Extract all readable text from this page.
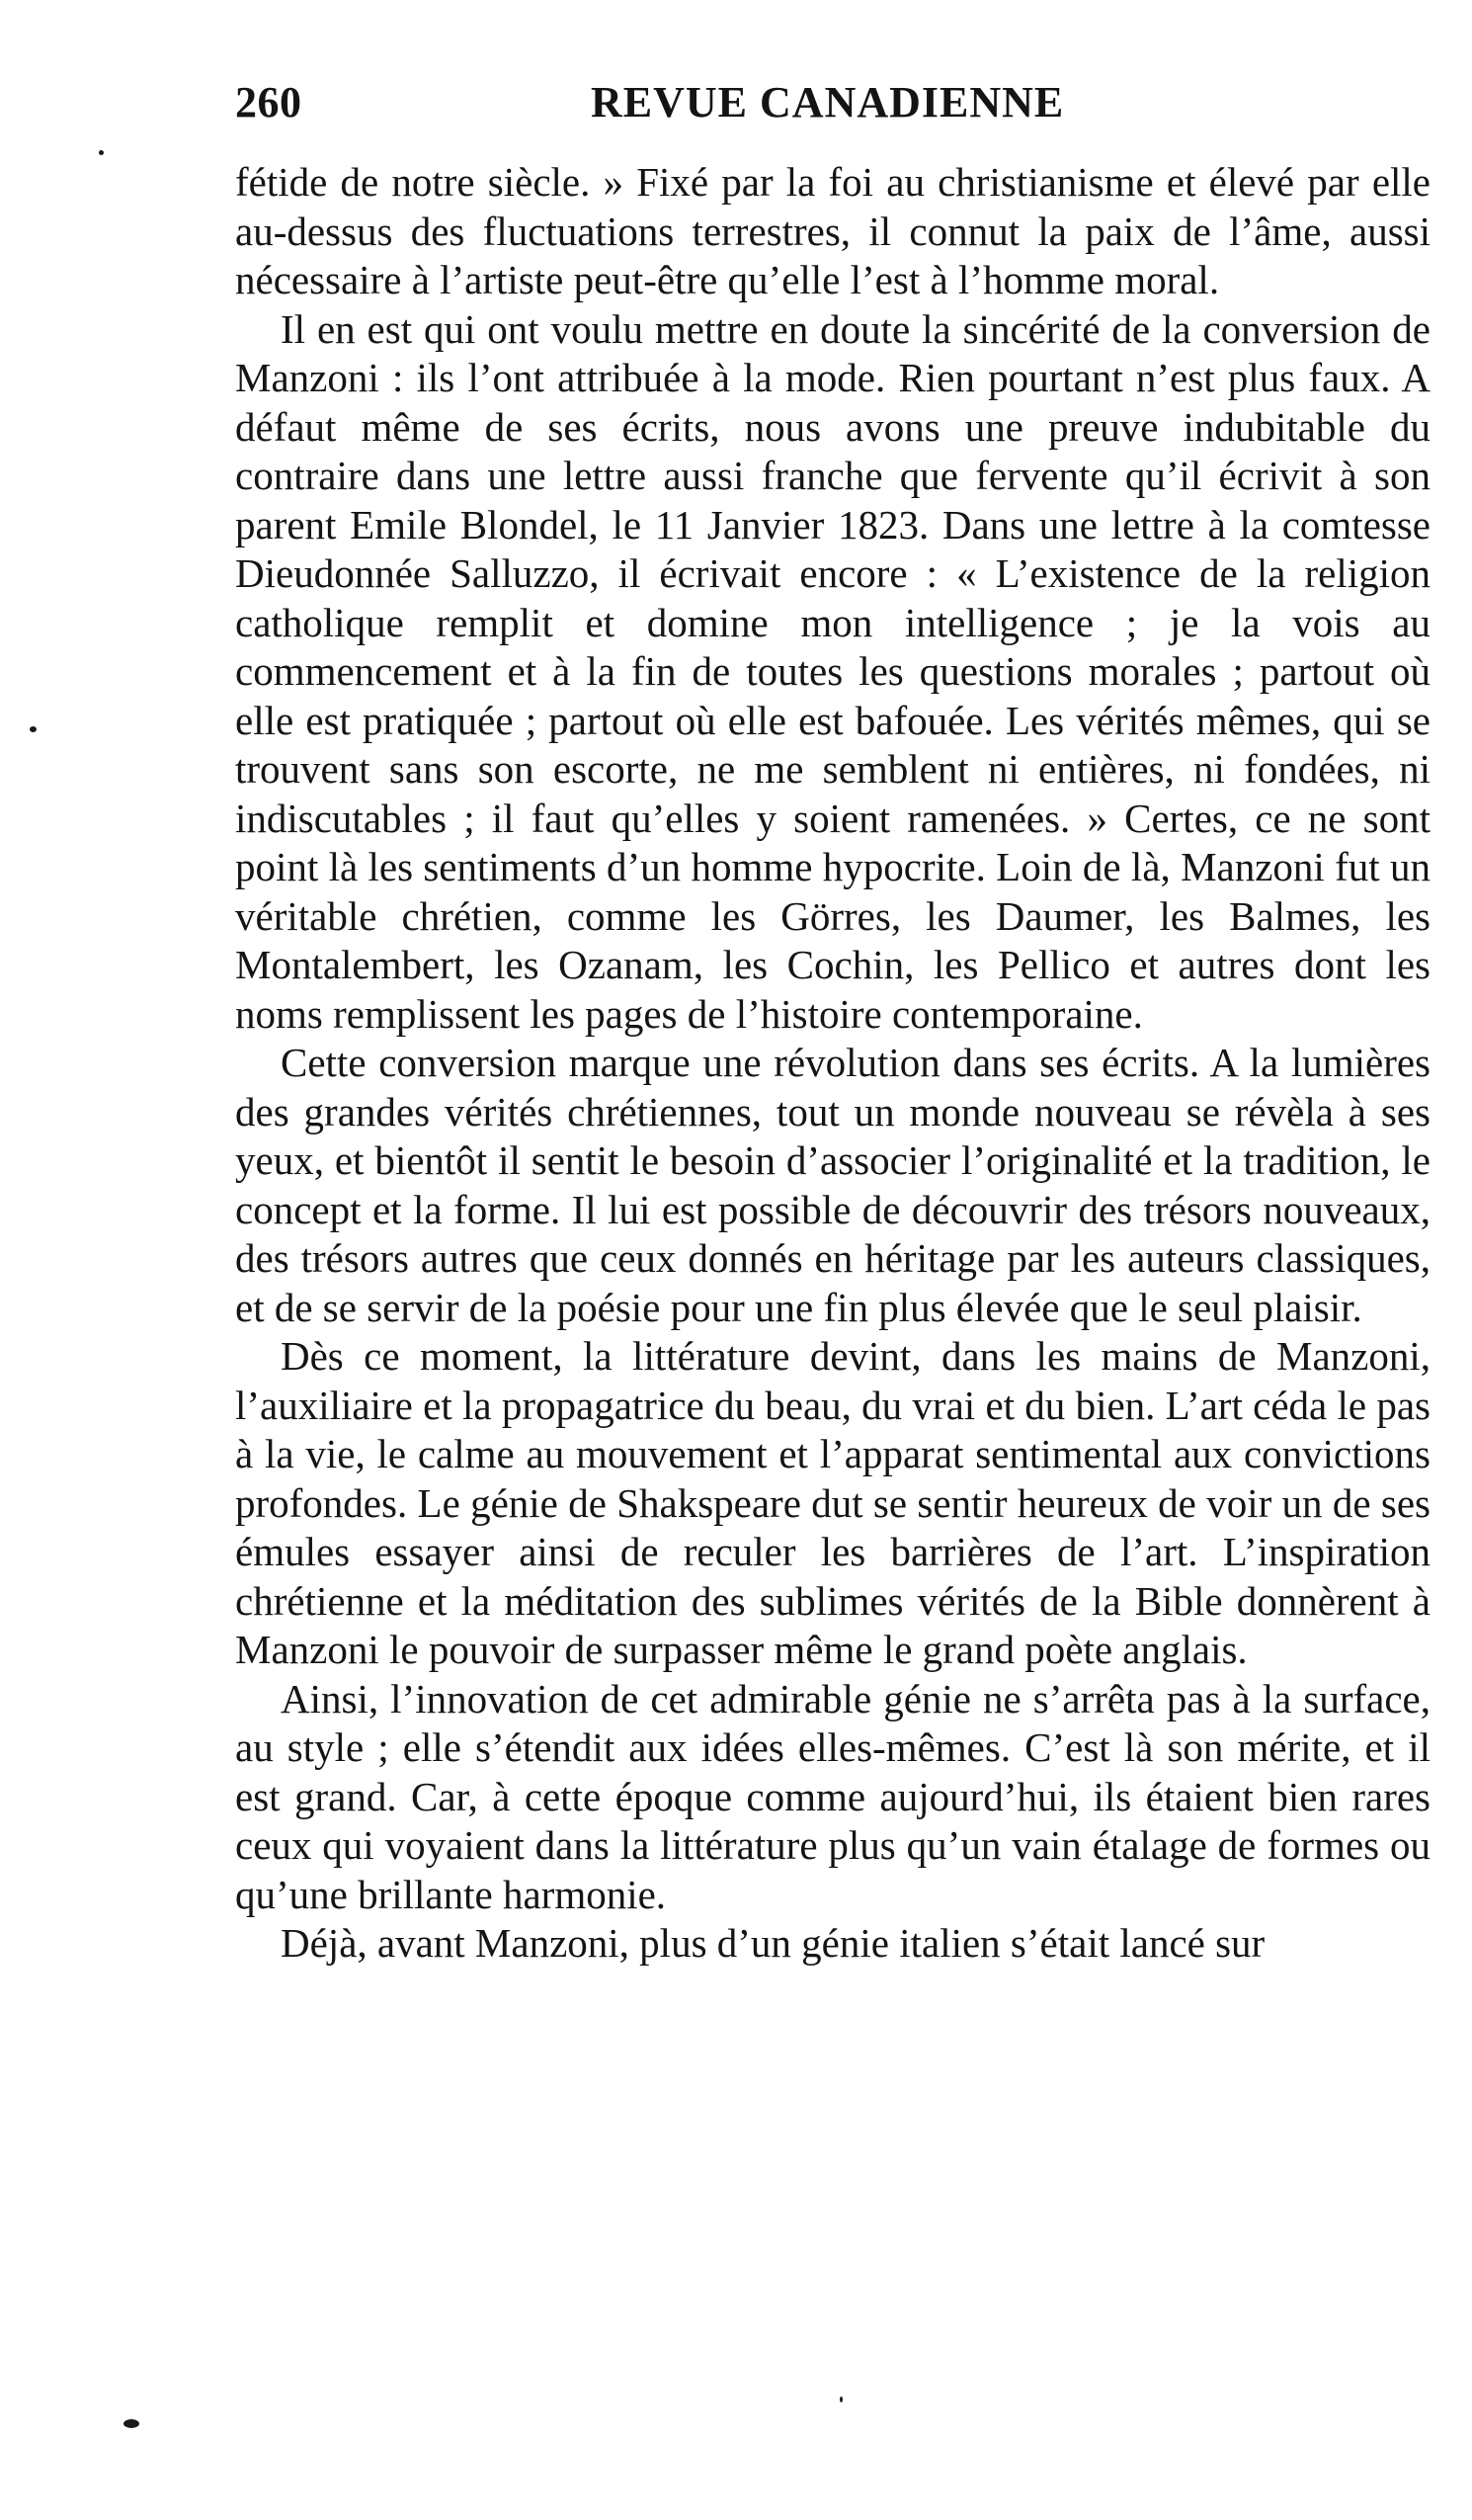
260	REVUE CANADIENNE

fétide de notre siècle. » Fixé par la foi au christianisme et élevé par elle au-dessus des fluctuations terrestres, il connut la paix de l’âme, aussi nécessaire à l’artiste peut-être qu’elle l’est à l’homme moral.

Il en est qui ont voulu mettre en doute la sincérité de la conversion de Manzoni : ils l’ont attribuée à la mode. Rien pourtant n’est plus faux. A défaut même de ses écrits, nous avons une preuve indubitable du contraire dans une lettre aussi franche que fervente qu’il écrivit à son parent Emile Blondel, le 11 Janvier 1823. Dans une lettre à la comtesse Dieudonnée Salluzzo, il écrivait encore : « L’existence de la religion catholique remplit et domine mon intelligence ; je la vois au commencement et à la fin de toutes les questions morales ; partout où elle est pratiquée ; partout où elle est bafouée. Les vérités mêmes, qui se trouvent sans son escorte, ne me semblent ni entières, ni fondées, ni indiscutables ; il faut qu’elles y soient ramenées. » Certes, ce ne sont point là les sentiments d’un homme hypocrite. Loin de là, Manzoni fut un véritable chrétien, comme les Görres, les Daumer, les Balmes, les Montalembert, les Ozanam, les Cochin, les Pellico et autres dont les noms remplissent les pages de l’histoire contemporaine.

Cette conversion marque une révolution dans ses écrits. A la lumières des grandes vérités chrétiennes, tout un monde nouveau se révèla à ses yeux, et bientôt il sentit le besoin d’associer l’originalité et la tradition, le concept et la forme. Il lui est possible de découvrir des trésors nouveaux, des trésors autres que ceux donnés en héritage par les auteurs classiques, et de se servir de la poésie pour une fin plus élevée que le seul plaisir.

Dès ce moment, la littérature devint, dans les mains de Manzoni, l’auxiliaire et la propagatrice du beau, du vrai et du bien. L’art céda le pas à la vie, le calme au mouvement et l’apparat sentimental aux convictions profondes. Le génie de Shakspeare dut se sentir heureux de voir un de ses émules essayer ainsi de reculer les barrières de l’art. L’inspiration chrétienne et la méditation des sublimes vérités de la Bible donnèrent à Manzoni le pouvoir de surpasser même le grand poète anglais.

Ainsi, l’innovation de cet admirable génie ne s’arrêta pas à la surface, au style ; elle s’étendit aux idées elles-mêmes. C’est là son mérite, et il est grand. Car, à cette époque comme aujourd’hui, ils étaient bien rares ceux qui voyaient dans la littérature plus qu’un vain étalage de formes ou qu’une brillante harmonie.

Déjà, avant Manzoni, plus d’un génie italien s’était lancé sur
